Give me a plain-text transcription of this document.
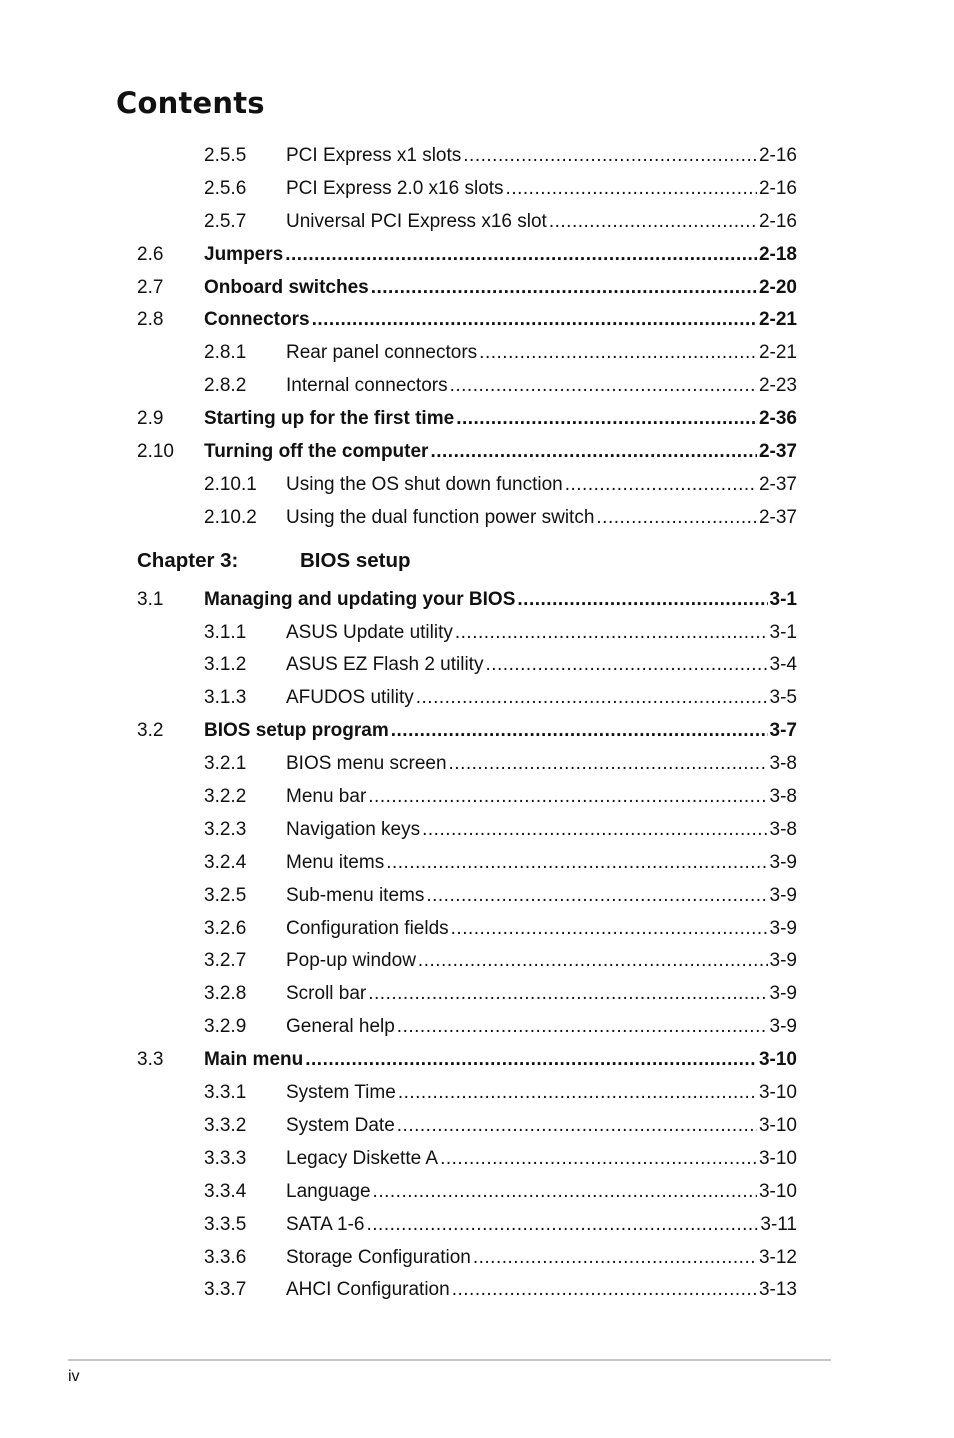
Contents
2.5.5 PCI Express x1 slots .....	2-16
2.5.6 PCI Express 2.0 x16 slots .....	2-16
2.5.7 Universal PCI Express x16 slot .....	2-16
2.6 Jumpers .....	2-18
2.7 Onboard switches .....	2-20
2.8 Connectors .....	2-21
2.8.1 Rear panel connectors .....	2-21
2.8.2 Internal connectors .....	2-23
2.9 Starting up for the first time .....	2-36
2.10 Turning off the computer .....	2-37
2.10.1 Using the OS shut down function .....	2-37
2.10.2 Using the dual function power switch .....	2-37
Chapter 3:	BIOS setup
3.1 Managing and updating your BIOS .....	3-1
3.1.1 ASUS Update utility .....	3-1
3.1.2 ASUS EZ Flash 2 utility .....	3-4
3.1.3 AFUDOS utility .....	3-5
3.2 BIOS setup program .....	3-7
3.2.1 BIOS menu screen .....	3-8
3.2.2 Menu bar .....	3-8
3.2.3 Navigation keys .....	3-8
3.2.4 Menu items .....	3-9
3.2.5 Sub-menu items .....	3-9
3.2.6 Configuration fields .....	3-9
3.2.7 Pop-up window .....	3-9
3.2.8 Scroll bar .....	3-9
3.2.9 General help .....	3-9
3.3 Main menu .....	3-10
3.3.1 System Time .....	3-10
3.3.2 System Date .....	3-10
3.3.3 Legacy Diskette A .....	3-10
3.3.4 Language .....	3-10
3.3.5 SATA 1-6 .....	3-11
3.3.6 Storage Configuration .....	3-12
3.3.7 AHCI Configuration .....	3-13
iv
